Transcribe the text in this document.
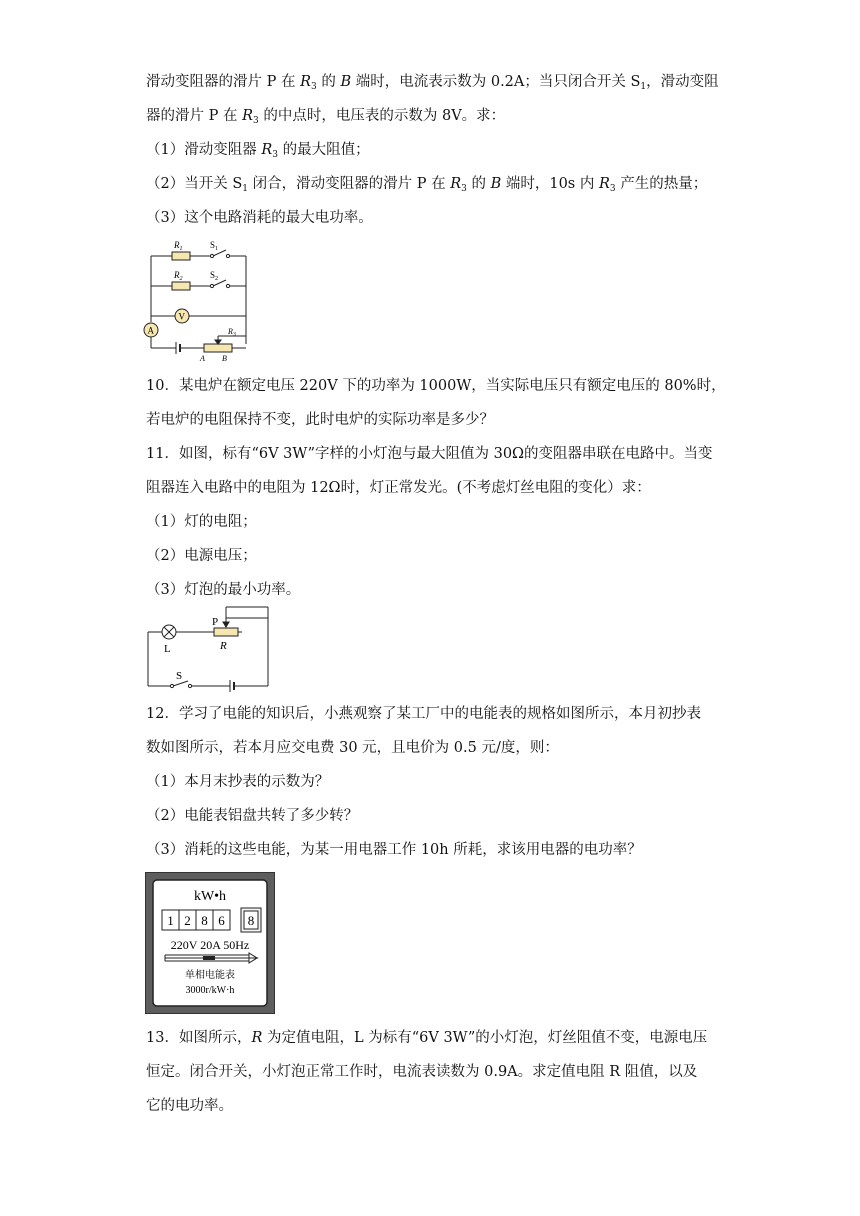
滑动变阻器的滑片 P 在 $R_3$ 的 B 端时，电流表示数为 0.2A；当只闭合开关 $S_1$，滑动变阻
器的滑片 P 在 $R_3$ 的中点时，电压表的示数为 8V。求：
（1）滑动变阻器 $R_3$ 的最大阻值；
（2）当开关 $S_1$ 闭合，滑动变阻器的滑片 P 在 $R_3$ 的 B 端时，10s 内 $R_3$ 产生的热量；
（3）这个电路消耗的最大电功率。
$R_1$	$S_1$
$R_2$	$S_2$
V
A	$R_3$
A B
10．某电炉在额定电压 220V 下的功率为 1000W，当实际电压只有额定电压的 80%时，
若电炉的电阻保持不变，此时电炉的实际功率是多少？
11．如图，标有“6V 3W”字样的小灯泡与最大阻值为 30Ω的变阻器串联在电路中。当变
阻器连入电路中的电阻为 12Ω时，灯正常发光。(不考虑灯丝电阻的变化）求：
（1）灯的电阻；
（2）电源电压；
（3）灯泡的最小功率。
L
P
R
S
12．学习了电能的知识后，小燕观察了某工厂中的电能表的规格如图所示，本月初抄表
数如图所示，若本月应交电费 30 元，且电价为 0.5 元/度，则：
（1）本月末抄表的示数为？
（2）电能表铝盘共转了多少转？
（3）消耗的这些电能，为某一用电器工作 10h 所耗，求该用电器的电功率？
kW•h
1 2 8 6 8
220V 20A 50Hz
单相电能表
3000r/kW·h
13．如图所示，R 为定值电阻，L 为标有“6V 3W”的小灯泡，灯丝阻值不变，电源电压
恒定。闭合开关，小灯泡正常工作时，电流表读数为 0.9A。求定值电阻 R 阻值，以及
它的电功率。
